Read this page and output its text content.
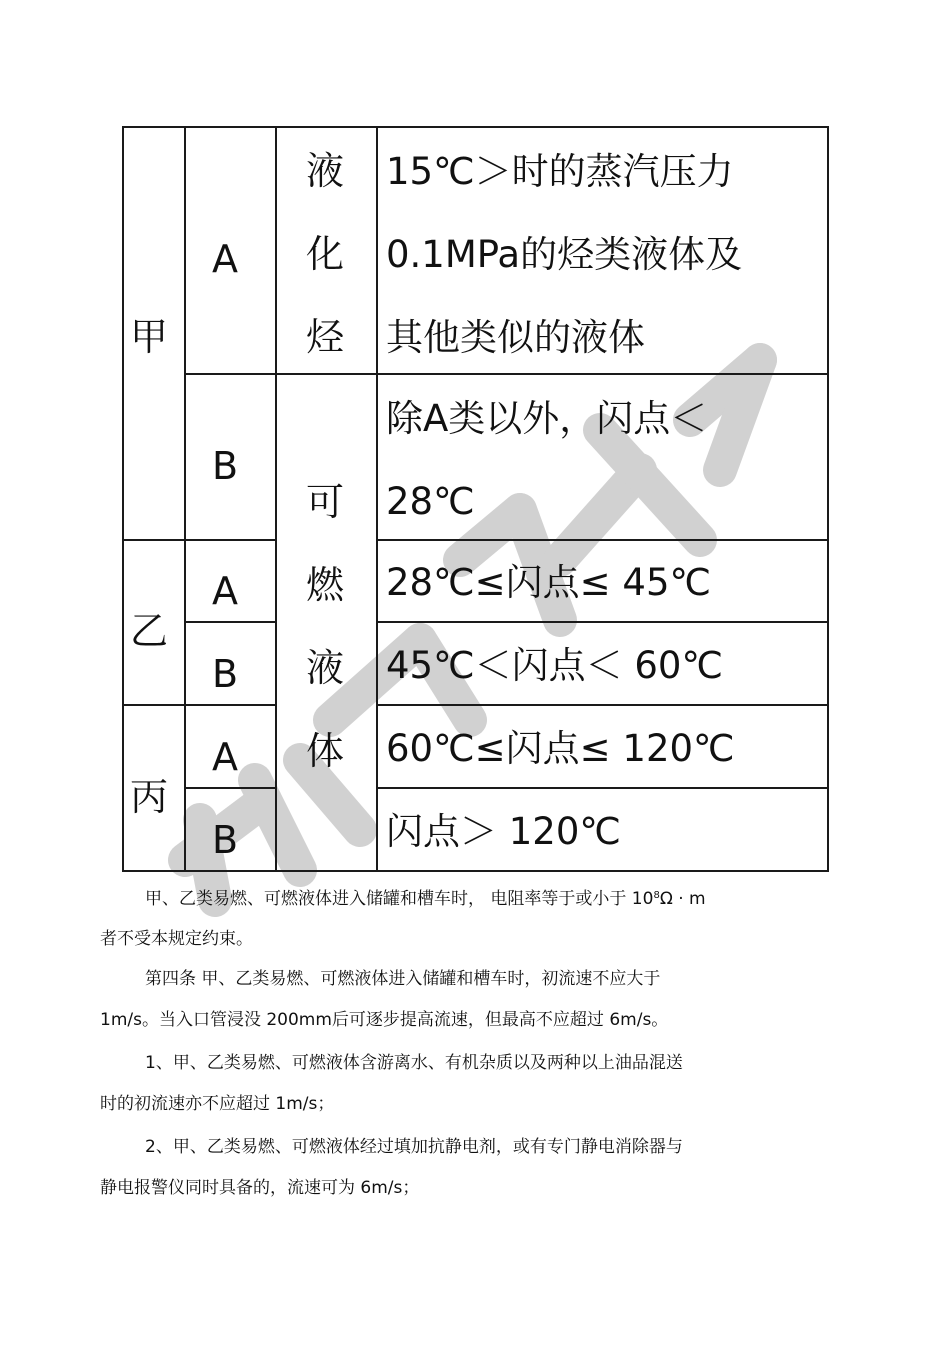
甲
乙
丙
A
B
A
B
A
B
液
化
烃
可
燃
液
体
15℃＞时的蒸汽压力
0.1MPa的烃类液体及
其他类似的液体
除A类以外，闪点＜
28℃
28℃≤闪点≤ 45℃
45℃＜闪点＜ 60℃
60℃≤闪点≤ 120℃
闪点＞ 120℃
甲、乙类易燃、可燃液体进入储罐和槽车时， 电阻率等于或小于 $10^8\Omega \cdot m$
者不受本规定约束。
第四条 甲、乙类易燃、可燃液体进入储罐和槽车时，初流速不应大于
1m/s。当入口管浸没 200mm后可逐步提高流速，但最高不应超过 6m/s。
1、甲、乙类易燃、可燃液体含游离水、有机杂质以及两种以上油品混送
时的初流速亦不应超过 1m/s；
2、甲、乙类易燃、可燃液体经过填加抗静电剂，或有专门静电消除器与
静电报警仪同时具备的，流速可为 6m/s；
